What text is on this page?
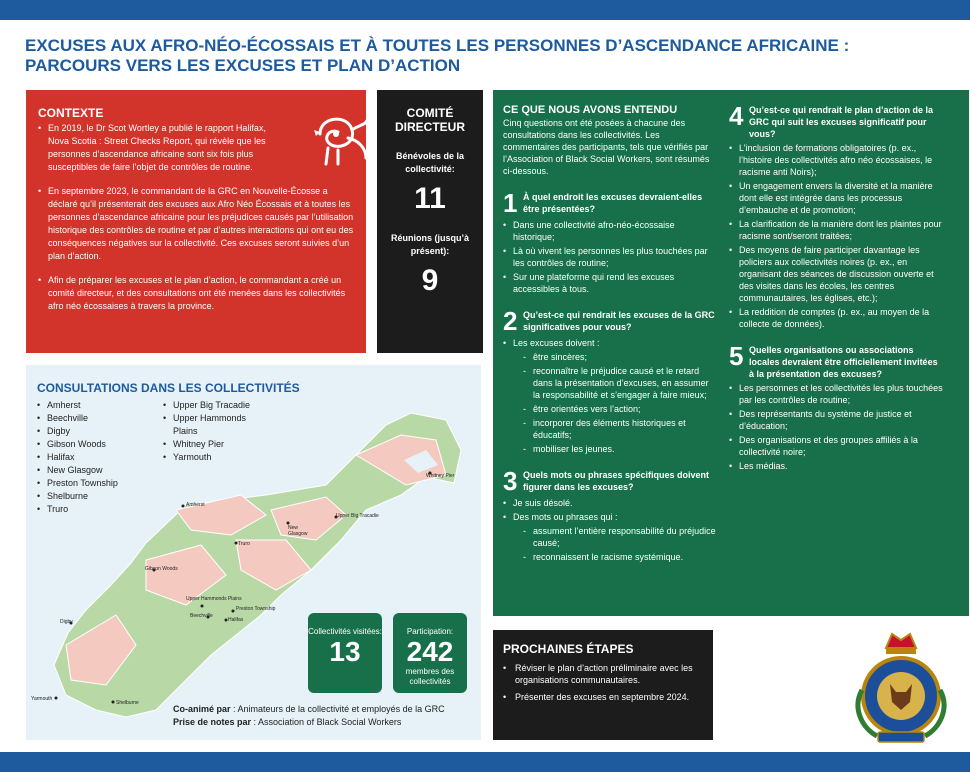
EXCUSES AUX AFRO-NÉO-ÉCOSSAIS ET À TOUTES LES PERSONNES D’ASCENDANCE AFRICAINE :
PARCOURS VERS LES EXCUSES ET PLAN D’ACTION
CONTEXTE
• En 2019, le Dr Scot Wortley a publié le rapport Halifax, Nova Scotia : Street Checks Report, qui révèle que les personnes d’ascendance africaine sont six fois plus susceptibles de faire l’objet de contrôles de routine.
• En septembre 2023, le commandant de la GRC en Nouvelle-Écosse a déclaré qu’il présenterait des excuses aux Afro Néo Écossais et à toutes les personnes d’ascendance africaine pour les préjudices causés par l’utilisation historique des contrôles de routine et par d’autres interactions qui ont eu des conséquences négatives sur la collectivité. Ces excuses seront suivies d’un plan d’action.
• Afin de préparer les excuses et le plan d’action, le commandant a créé un comité directeur, et des consultations ont été menées dans les collectivités afro néo écossaises à travers la province.
COMITÉ DIRECTEUR
Bénévoles de la collectivité:
11
Réunions (jusqu’à présent):
9
CE QUE NOUS AVONS ENTENDU

Cinq questions ont été posées à chacune des consultations dans les collectivités. Les commentaires des participants, tels que vérifiés par l’Association of Black Social Workers, sont résumés ci-dessous.

1 À quel endroit les excuses devraient-elles être présentées?
• Dans une collectivité afro-néo-écossaise historique;
• Là où vivent les personnes les plus touchées par les contrôles de routine;
• Sur une plateforme qui rend les excuses accessibles à tous.
2 Qu’est-ce qui rendrait les excuses de la GRC significatives pour vous?
• Les excuses doivent :
- être sincères;
- reconnaître le préjudice causé et le retard dans la présentation d’excuses, en assumer la responsabilité et s’engager à faire mieux;
- être orientées vers l’action;
- incorporer des éléments historiques et éducatifs;
- mobiliser les jeunes.
3 Quels mots ou phrases spécifiques doivent figurer dans les excuses?
• Je suis désolé.
• Des mots ou phrases qui :
- assument l’entière responsabilité du préjudice causé;
- reconnaissent le racisme systémique.
4 Qu’est-ce qui rendrait le plan d’action de la GRC qui suit les excuses significatif pour vous?
• L’inclusion de formations obligatoires (p. ex., l’histoire des collectivités afro néo écossaises, le racisme anti Noirs);
• Un engagement envers la diversité et la manière dont elle est intégrée dans les processus d’embauche et de promotion;
• La clarification de la manière dont les plaintes pour racisme sont/seront traitées;
• Des moyens de faire participer davantage les policiers aux collectivités noires (p. ex., en organisant des séances de discussion ouverte et des visites dans les écoles, les centres communautaires, les églises, etc.);
• La reddition de comptes (p. ex., au moyen de la collecte de données).
5 Quelles organisations ou associations locales devraient être officiellement invitées à la présentation des excuses?
• Les personnes et les collectivités les plus touchées par les contrôles de routine;
• Des représentants du système de justice et d’éducation;
• Des organisations et des groupes affiliés à la collectivité noire;
• Les médias.
CONSULTATIONS DANS LES COLLECTIVITÉS
• Amherst
• Beechville
• Digby
• Gibson Woods
• Halifax
• New Glasgow
• Preston Township
• Shelburne
• Truro
• Upper Big Tracadie
• Upper Hammonds Plains
• Whitney Pier
• Yarmouth
Amherst
Truro
New Glasgow
Upper Big Tracadie
Whitney Pier
Gibson Woods
Upper Hammonds Plains
Preston Township
Beechville
Halifax
Digby
Yarmouth
Shelburne
Collectivités visitées:
13
Participation:
242
membres des collectivités
Co-animé par : Animateurs de la collectivité et employés de la GRC
Prise de notes par : Association of Black Social Workers
PROCHAINES ÉTAPES
• Réviser le plan d’action préliminaire avec les organisations communautaires.
• Présenter des excuses en septembre 2024.
